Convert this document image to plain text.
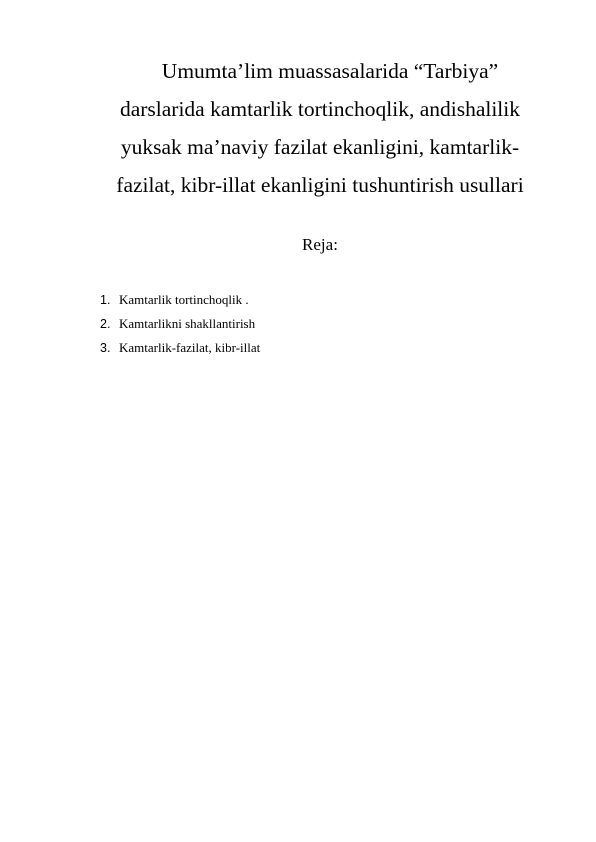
Umumta’lim muassasalarida “Tarbiya”
darslarida kamtarlik tortinchoqlik, andishalilik
yuksak ma’naviy fazilat ekanligini, kamtarlik-
fazilat, kibr-illat ekanligini tushuntirish usullari

Reja:

1. Kamtarlik tortinchoqlik .
2. Kamtarlikni shakllantirish
3. Kamtarlik-fazilat, kibr-illat
